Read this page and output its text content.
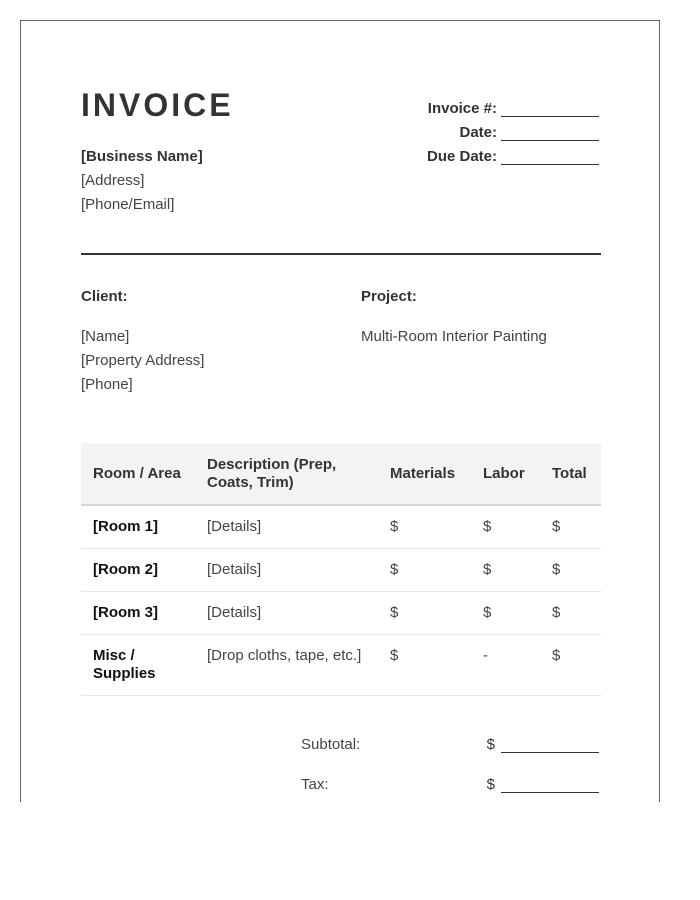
INVOICE
[Business Name]
[Address]
[Phone/Email]
Invoice #:
Date:
Due Date:
Client:
[Name]
[Property Address]
[Phone]
Project:
Multi-Room Interior Painting
Room / Area	Description (Prep, Coats, Trim)	Materials	Labor	Total
[Room 1]	[Details]	$	$	$
[Room 2]	[Details]	$	$	$
[Room 3]	[Details]	$	$	$
Misc / Supplies	[Drop cloths, tape, etc.]	$	-	$
Subtotal:	$
Tax:	$
